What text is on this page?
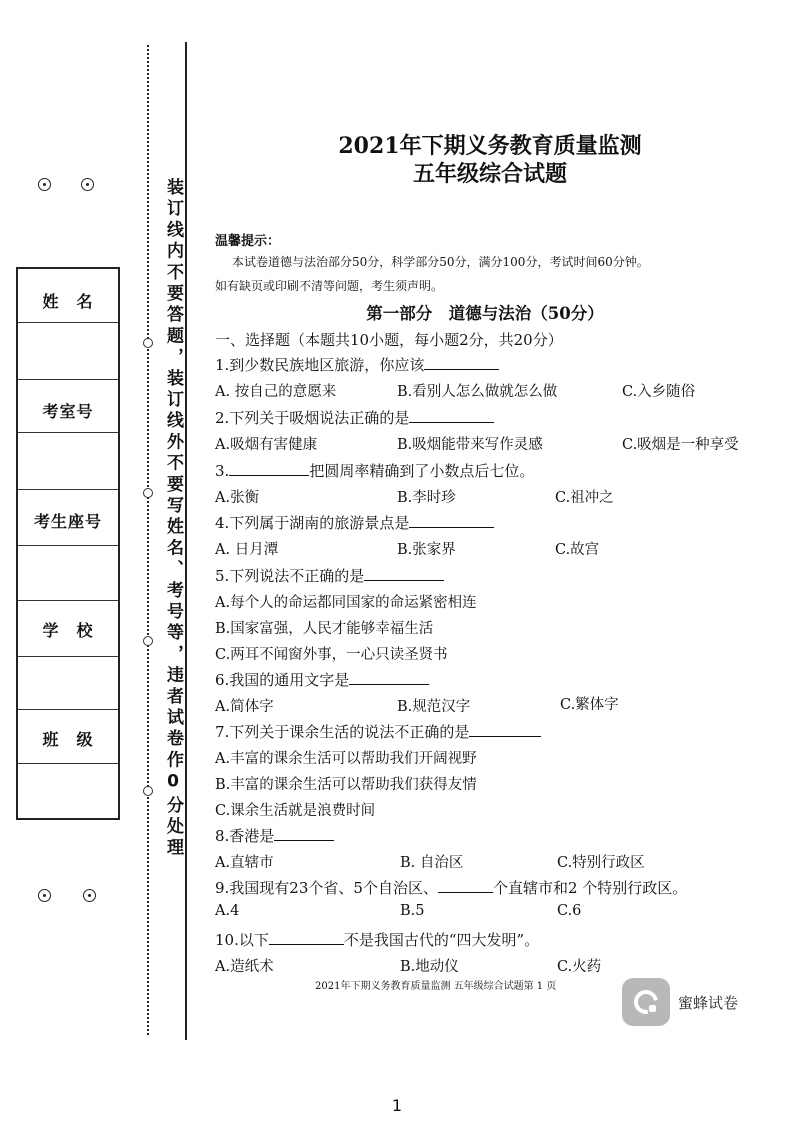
姓　名
考室号
考生座号
学　校
班　级	装订线内不要答题，装订线外不要写姓名、考号等，违者试卷作0分处理
2021年下期义务教育质量监测
五年级综合试题
温馨提示：
本试卷道德与法治部分50分，科学部分50分，满分100分，考试时间60分钟。
如有缺页或印刷不清等问题，考生须声明。
第一部分　道德与法治（50分）
一、选择题（本题共10小题，每小题2分，共20分）
1.到少数民族地区旅游，你应该
A. 按自己的意愿来	B.看别人怎么做就怎么做	C.入乡随俗
2.下列关于吸烟说法正确的是
A.吸烟有害健康	B.吸烟能带来写作灵感	C.吸烟是一种享受
3.	把圆周率精确到了小数点后七位。
A.张衡	B.李时珍	C.祖冲之
4.下列属于湖南的旅游景点是
A. 日月潭	B.张家界	C.故宫
5.下列说法不正确的是
A.每个人的命运都同国家的命运紧密相连
B.国家富强，人民才能够幸福生活
C.两耳不闻窗外事，一心只读圣贤书
6.我国的通用文字是
A.简体字	B.规范汉字	C.繁体字
7.下列关于课余生活的说法不正确的是
A.丰富的课余生活可以帮助我们开阔视野
B.丰富的课余生活可以帮助我们获得友情
C.课余生活就是浪费时间
8.香港是
A.直辖市	B. 自治区	C.特别行政区
9.我国现有23个省、5个自治区、	个直辖市和2 个特别行政区。
A.4	B.5	C.6
10.以下	不是我国古代的“四大发明”。
A.造纸术	B.地动仪	C.火药
2021年下期义务教育质量监测 五年级综合试题第 1 页
蜜蜂试卷
1
